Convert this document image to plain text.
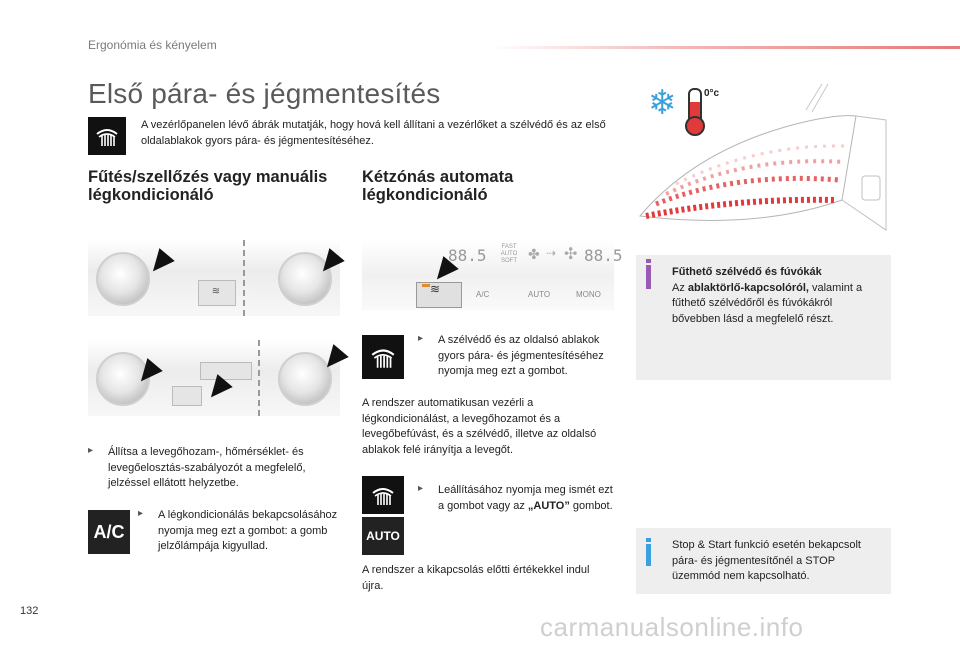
Ergonómia és kényelem
Első pára- és jégmentesítés
A vezérlőpanelen lévő ábrák mutatják, hogy hová kell állítani a vezérlőket a szélvédő és az első oldalablakok gyors pára- és jégmentesítéséhez.
Fűtés/szellőzés vagy manuális légkondicionáló
≋
▸ Állítsa a levegőhozam-, hőmérséklet- és levegőelosztás-szabályozót a megfelelő, jelzéssel ellátott helyzetbe.
A/C
▸ A légkondicionálás bekapcsolásához nyomja meg ezt a gombot: a gomb jelzőlámpája kigyullad.
Kétzónás automata légkondicionáló
88.5	FAST
AUTO
SOFT ✤ ⇢ ✣ 88.5
≋	A/C	AUTO	MONO
▸ A szélvédő és az oldalsó ablakok gyors pára- és jégmentesítéséhez nyomja meg ezt a gombot.
A rendszer automatikusan vezérli a légkondicionálást, a levegőhozamot és a levegőbefúvást, és a szélvédő, illetve az oldalsó ablakok felé irányítja a levegőt.
AUTO
▸ Leállításához nyomja meg ismét ezt a gombot vagy az „AUTO” gombot.
A rendszer a kikapcsolás előtti értékekkel indul újra.
❄	0°c
Fűthető szélvédő és fúvókák
Az ablaktörlő-kapcsolóról, valamint a fűthető szélvédőről és fúvókákról bővebben lásd a megfelelő részt.
Stop & Start funkció esetén bekapcsolt pára- és jégmentesítőnél a STOP üzemmód nem kapcsolható.
132
carmanualsonline.info
